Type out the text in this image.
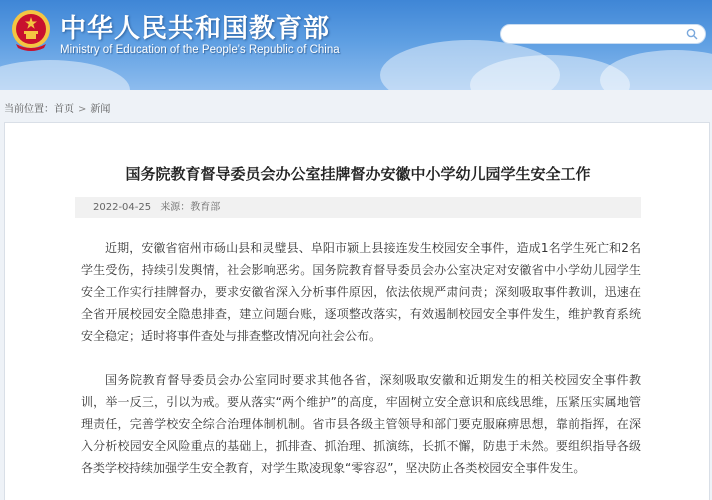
中华人民共和国教育部
Ministry of Education of the People's Republic of China
当前位置：首页 > 新闻
国务院教育督导委员会办公室挂牌督办安徽中小学幼儿园学生安全工作
2022-04-25 来源：教育部

近期，安徽省宿州市砀山县和灵璧县、阜阳市颍上县接连发生校园安全事件，造成1名学生死亡和2名学生受伤，持续引发舆情，社会影响恶劣。国务院教育督导委员会办公室决定对安徽省中小学幼儿园学生安全工作实行挂牌督办，要求安徽省深入分析事件原因，依法依规严肃问责；深刻吸取事件教训，迅速在全省开展校园安全隐患排查，建立问题台账，逐项整改落实，有效遏制校园安全事件发生，维护教育系统安全稳定；适时将事件查处与排查整改情况向社会公布。

国务院教育督导委员会办公室同时要求其他各省，深刻吸取安徽和近期发生的相关校园安全事件教训，举一反三，引以为戒。要从落实“两个维护”的高度，牢固树立安全意识和底线思维，压紧压实属地管理责任，完善学校安全综合治理体制机制。省市县各级主管领导和部门要克服麻痹思想，靠前指挥，在深入分析校园安全风险重点的基础上，抓排查、抓治理、抓演练，长抓不懈，防患于未然。要组织指导各级各类学校持续加强学生安全教育，对学生欺凌现象“零容忍”，坚决防止各类校园安全事件发生。
